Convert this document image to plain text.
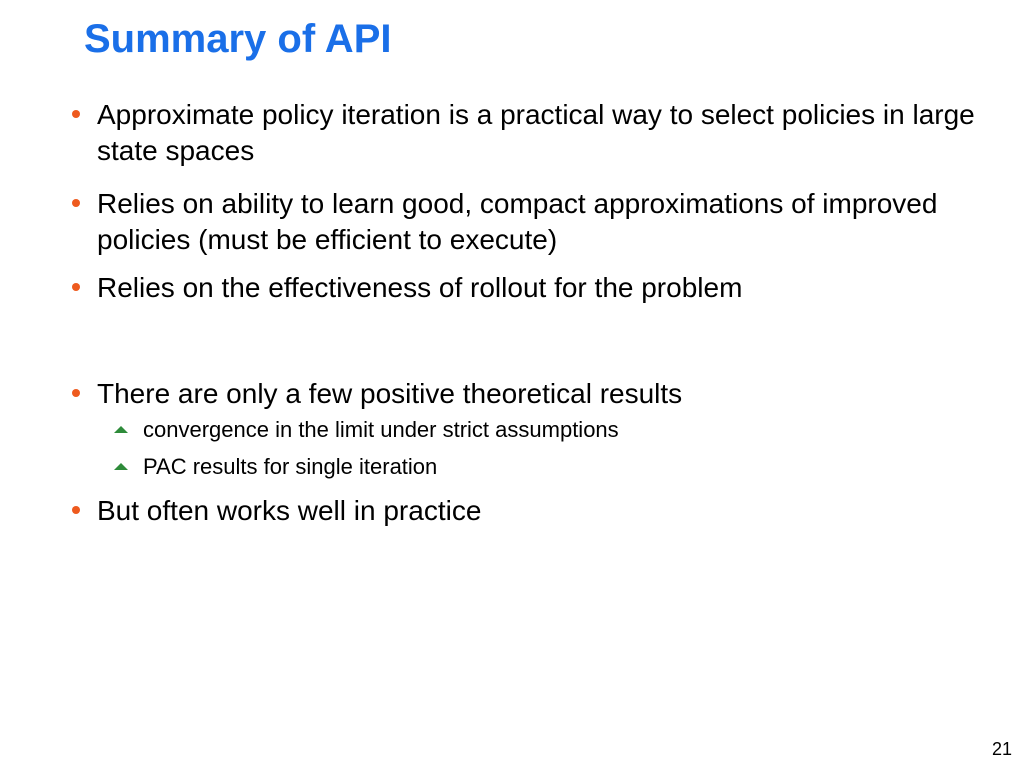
Summary of API
Approximate policy iteration is a practical way to select policies in large state spaces
Relies on ability to learn good, compact approximations of improved policies (must be efficient to execute)
Relies on the effectiveness of rollout for the problem
There are only a few positive theoretical results
convergence in the limit under strict assumptions
PAC results for single iteration
But often works well in practice
21
